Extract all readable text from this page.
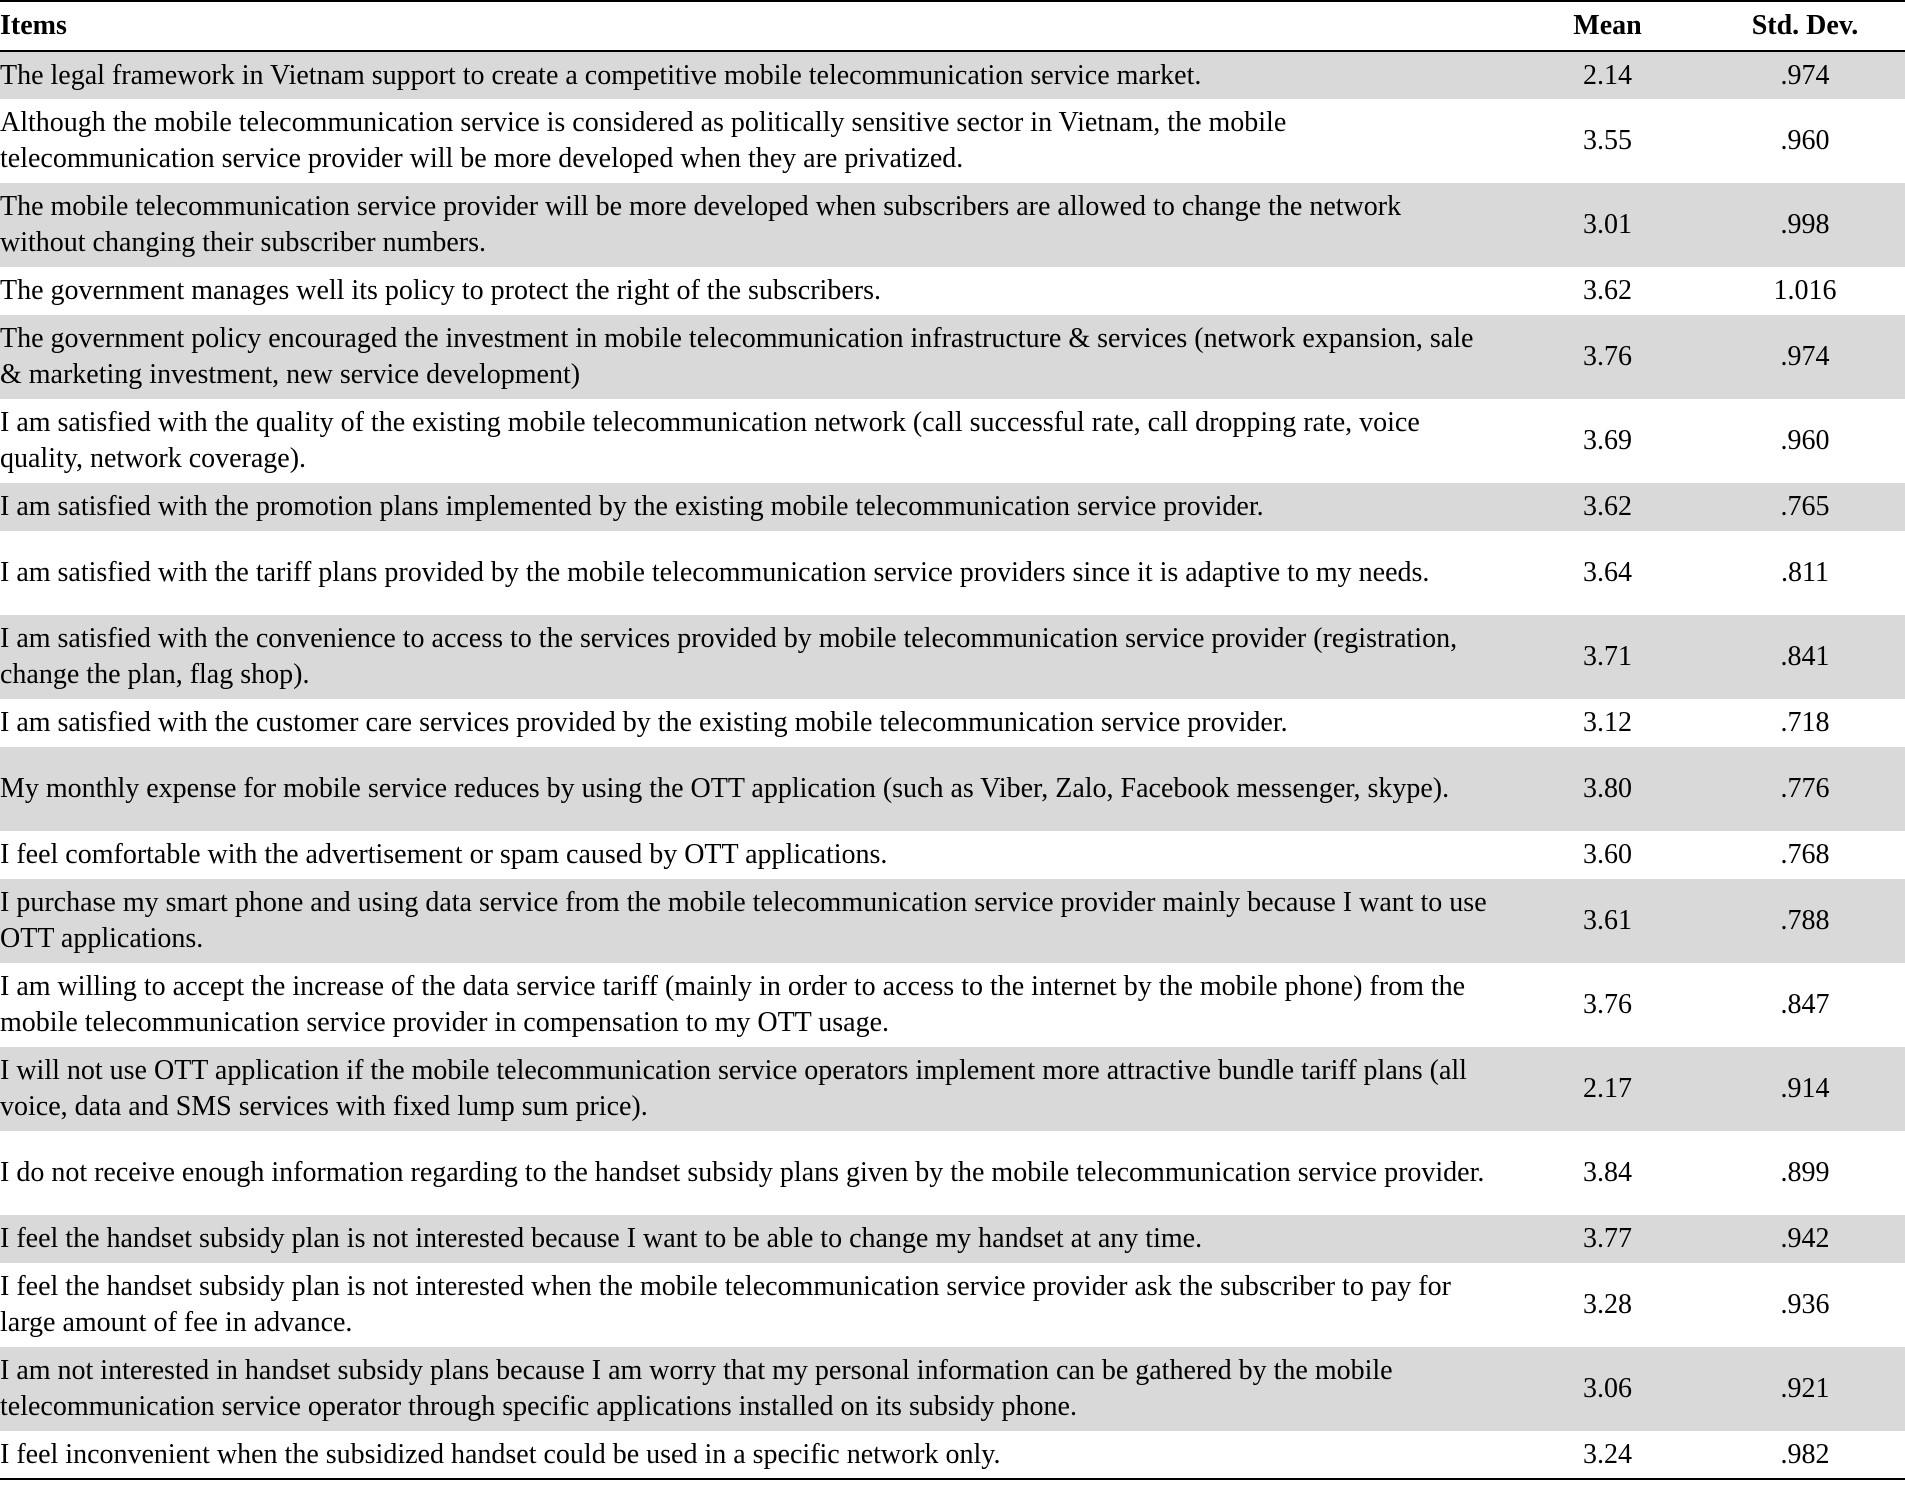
Items	Mean	Std. Dev.
The legal framework in Vietnam support to create a competitive mobile telecommunication service market.	2.14	.974
Although the mobile telecommunication service is considered as politically sensitive sector in Vietnam, the mobile telecommunication service provider will be more developed when they are privatized.	3.55	.960
The mobile telecommunication service provider will be more developed when subscribers are allowed to change the network without changing their subscriber numbers.	3.01	.998
The government manages well its policy to protect the right of the subscribers.	3.62	1.016
The government policy encouraged the investment in mobile telecommunication infrastructure & services (network expansion, sale & marketing investment, new service development)	3.76	.974
I am satisfied with the quality of the existing mobile telecommunication network (call successful rate, call dropping rate, voice quality, network coverage).	3.69	.960
I am satisfied with the promotion plans implemented by the existing mobile telecommunication service provider.	3.62	.765
I am satisfied with the tariff plans provided by the mobile telecommunication service providers since it is adaptive to my needs.	3.64	.811
I am satisfied with the convenience to access to the services provided by mobile telecommunication service provider (registration, change the plan, flag shop).	3.71	.841
I am satisfied with the customer care services provided by the existing mobile telecommunication service provider.	3.12	.718
My monthly expense for mobile service reduces by using the OTT application (such as Viber, Zalo, Facebook messenger, skype).	3.80	.776
I feel comfortable with the advertisement or spam caused by OTT applications.	3.60	.768
I purchase my smart phone and using data service from the mobile telecommunication service provider mainly because I want to use OTT applications.	3.61	.788
I am willing to accept the increase of the data service tariff (mainly in order to access to the internet by the mobile phone) from the mobile telecommunication service provider in compensation to my OTT usage.	3.76	.847
I will not use OTT application if the mobile telecommunication service operators implement more attractive bundle tariff plans (all voice, data and SMS services with fixed lump sum price).	2.17	.914
I do not receive enough information regarding to the handset subsidy plans given by the mobile telecommunication service provider.	3.84	.899
I feel the handset subsidy plan is not interested because I want to be able to change my handset at any time.	3.77	.942
I feel the handset subsidy plan is not interested when the mobile telecommunication service provider ask the subscriber to pay for large amount of fee in advance.	3.28	.936
I am not interested in handset subsidy plans because I am worry that my personal information can be gathered by the mobile telecommunication service operator through specific applications installed on its subsidy phone.	3.06	.921
I feel inconvenient when the subsidized handset could be used in a specific network only.	3.24	.982
